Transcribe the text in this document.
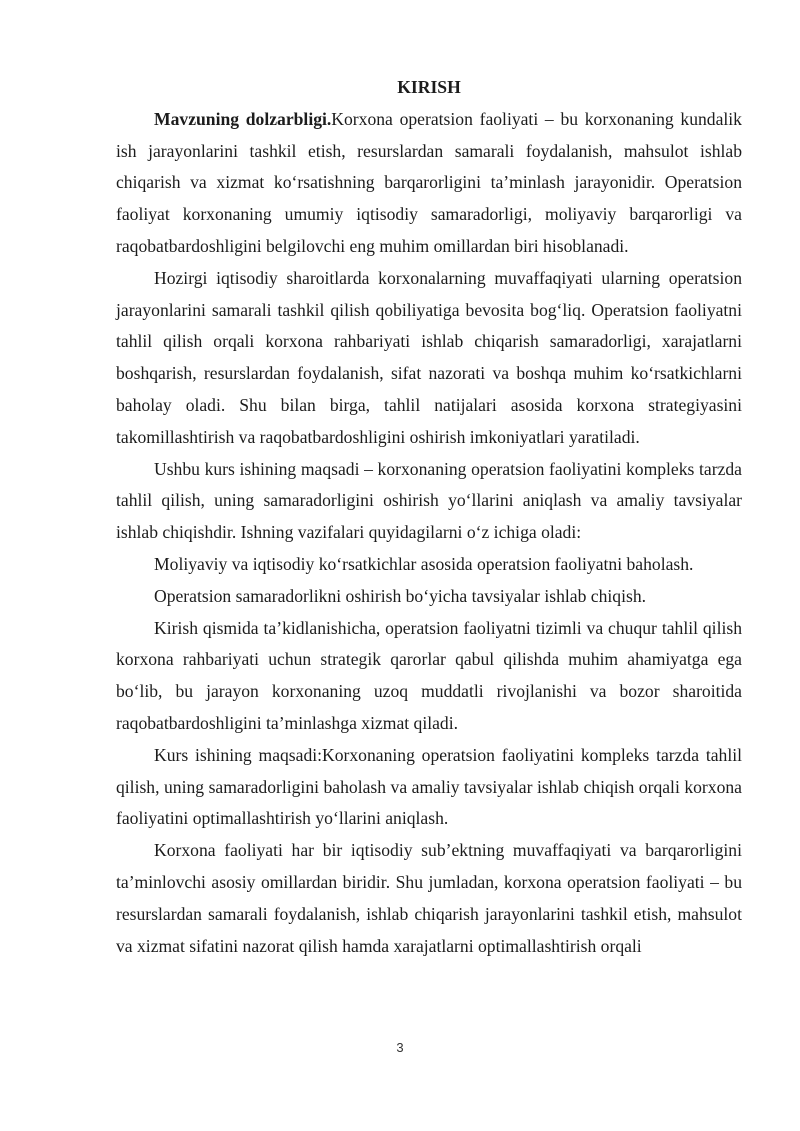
KIRISH

Mavzuning dolzarbligi.Korxona operatsion faoliyati – bu korxonaning kundalik ish jarayonlarini tashkil etish, resurslardan samarali foydalanish, mahsulot ishlab chiqarish va xizmat ko‘rsatishning barqarorligini ta’minlash jarayonidir. Operatsion faoliyat korxonaning umumiy iqtisodiy samaradorligi, moliyaviy barqarorligi va raqobatbardoshligini belgilovchi eng muhim omillardan biri hisoblanadi.

Hozirgi iqtisodiy sharoitlarda korxonalarning muvaffaqiyati ularning operatsion jarayonlarini samarali tashkil qilish qobiliyatiga bevosita bog‘liq. Operatsion faoliyatni tahlil qilish orqali korxona rahbariyati ishlab chiqarish samaradorligi, xarajatlarni boshqarish, resurslardan foydalanish, sifat nazorati va boshqa muhim ko‘rsatkichlarni baholay oladi. Shu bilan birga, tahlil natijalari asosida korxona strategiyasini takomillashtirish va raqobatbardoshligini oshirish imkoniyatlari yaratiladi.

Ushbu kurs ishining maqsadi – korxonaning operatsion faoliyatini kompleks tarzda tahlil qilish, uning samaradorligini oshirish yo‘llarini aniqlash va amaliy tavsiyalar ishlab chiqishdir. Ishning vazifalari quyidagilarni o‘z ichiga oladi:

Moliyaviy va iqtisodiy ko‘rsatkichlar asosida operatsion faoliyatni baholash.

Operatsion samaradorlikni oshirish bo‘yicha tavsiyalar ishlab chiqish.

Kirish qismida ta’kidlanishicha, operatsion faoliyatni tizimli va chuqur tahlil qilish korxona rahbariyati uchun strategik qarorlar qabul qilishda muhim ahamiyatga ega bo‘lib, bu jarayon korxonaning uzoq muddatli rivojlanishi va bozor sharoitida raqobatbardoshligini ta’minlashga xizmat qiladi.

Kurs ishining maqsadi:Korxonaning operatsion faoliyatini kompleks tarzda tahlil qilish, uning samaradorligini baholash va amaliy tavsiyalar ishlab chiqish orqali korxona faoliyatini optimallashtirish yo‘llarini aniqlash.

Korxona faoliyati har bir iqtisodiy sub’ektning muvaffaqiyati va barqarorligini ta’minlovchi asosiy omillardan biridir. Shu jumladan, korxona operatsion faoliyati – bu resurslardan samarali foydalanish, ishlab chiqarish jarayonlarini tashkil etish, mahsulot va xizmat sifatini nazorat qilish hamda xarajatlarni optimallashtirish orqali

3
